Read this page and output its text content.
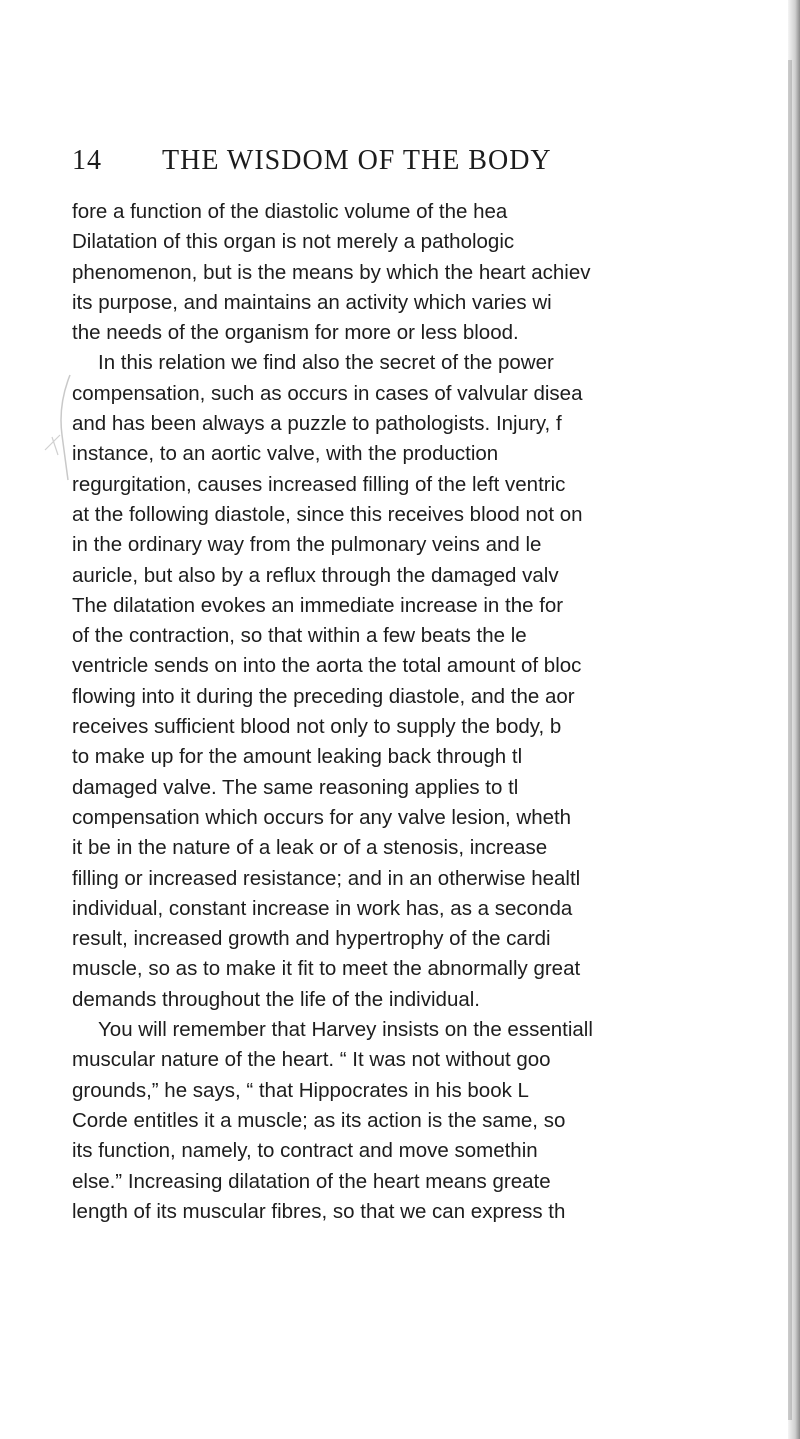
14 THE WISDOM OF THE BODY
fore a function of the diastolic volume of the hea
Dilatation of this organ is not merely a pathologic
phenomenon, but is the means by which the heart achiev
its purpose, and maintains an activity which varies wi
the needs of the organism for more or less blood.
In this relation we find also the secret of the power
compensation, such as occurs in cases of valvular disea
and has been always a puzzle to pathologists. Injury, f
instance, to an aortic valve, with the production
regurgitation, causes increased filling of the left ventric
at the following diastole, since this receives blood not on
in the ordinary way from the pulmonary veins and le
auricle, but also by a reflux through the damaged valv
The dilatation evokes an immediate increase in the for
of the contraction, so that within a few beats the le
ventricle sends on into the aorta the total amount of bloc
flowing into it during the preceding diastole, and the aor
receives sufficient blood not only to supply the body, b
to make up for the amount leaking back through tl
damaged valve. The same reasoning applies to tl
compensation which occurs for any valve lesion, wheth
it be in the nature of a leak or of a stenosis, increase
filling or increased resistance; and in an otherwise healtl
individual, constant increase in work has, as a seconda
result, increased growth and hypertrophy of the cardi
muscle, so as to make it fit to meet the abnormally great
demands throughout the life of the individual.
You will remember that Harvey insists on the essentiall
muscular nature of the heart. “ It was not without goo
grounds,” he says, “ that Hippocrates in his book L
Corde entitles it a muscle; as its action is the same, so
its function, namely, to contract and move somethin
else.” Increasing dilatation of the heart means greate
length of its muscular fibres, so that we can express th
